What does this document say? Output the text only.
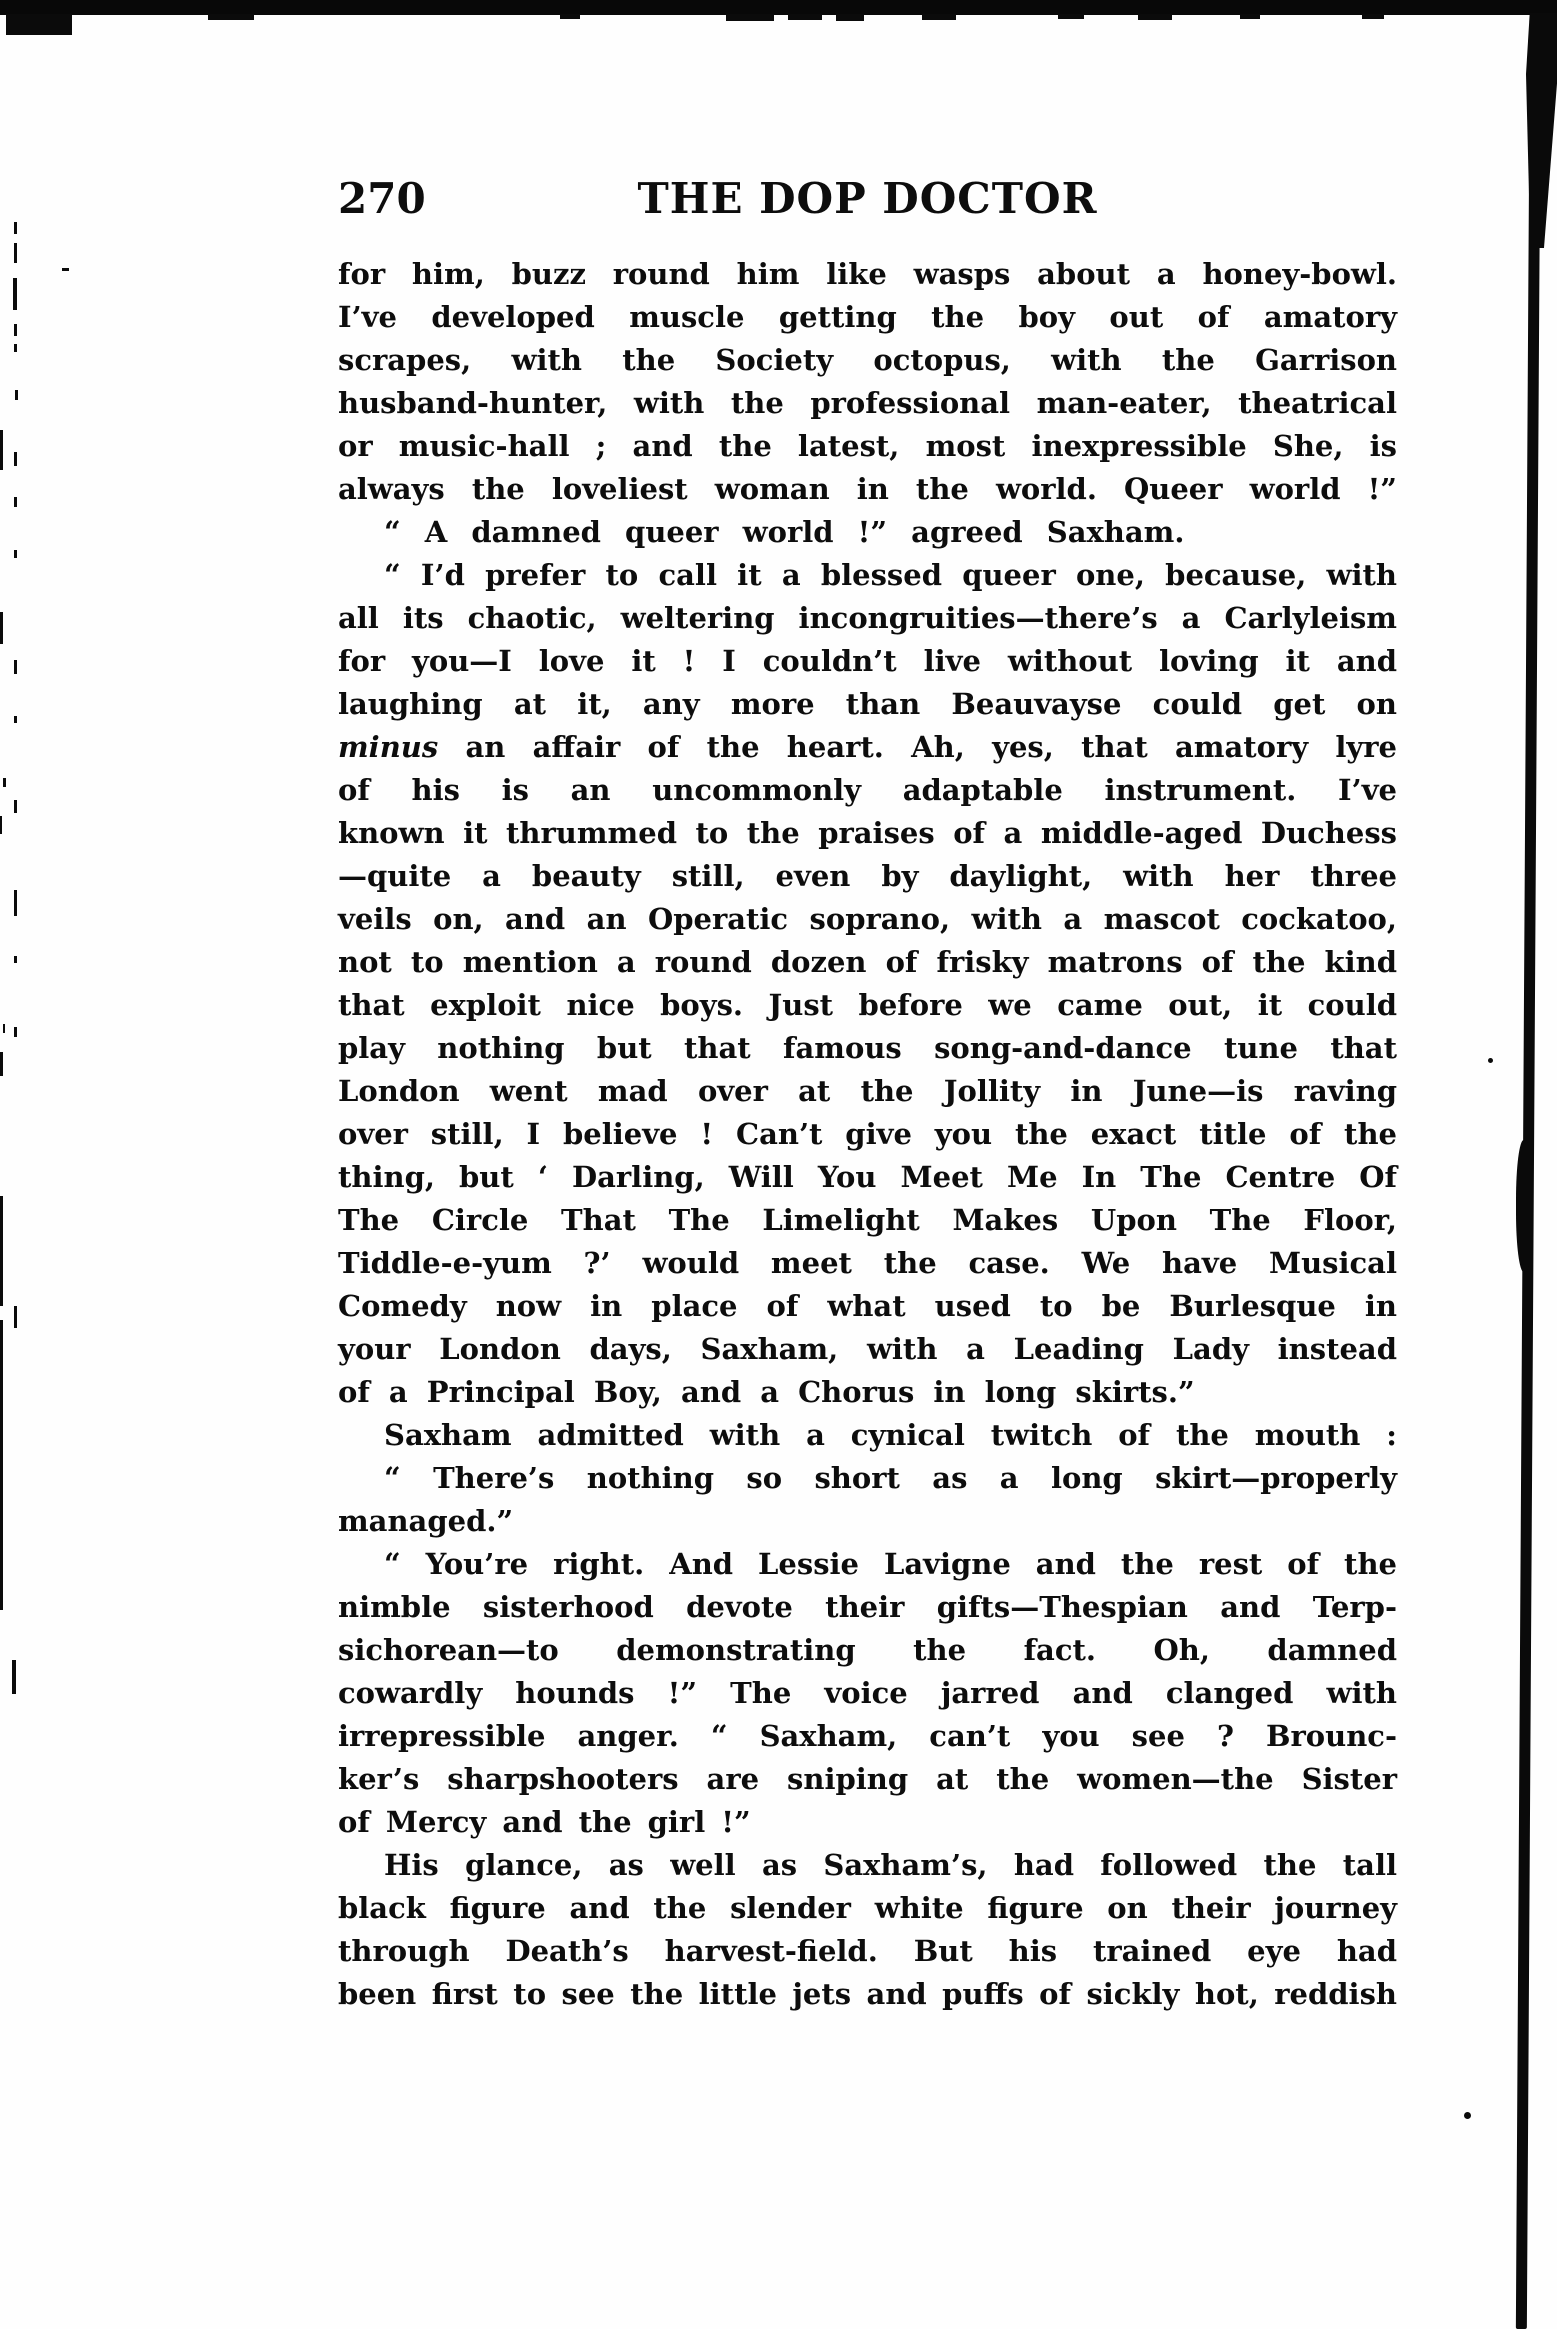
270	THE DOP DOCTOR
for him, buzz round him like wasps about a honey-bowl.
I’ve developed muscle getting the boy out of amatory
scrapes, with the Society octopus, with the Garrison
husband-hunter, with the professional man-eater, theatrical
or music-hall ; and the latest, most inexpressible She, is
always the loveliest woman in the world. Queer world !”
“ A damned queer world !” agreed Saxham.
“ I’d prefer to call it a blessed queer one, because, with
all its chaotic, weltering incongruities—there’s a Carlyleism
for you—I love it ! I couldn’t live without loving it and
laughing at it, any more than Beauvayse could get on
minus an affair of the heart. Ah, yes, that amatory lyre
of his is an uncommonly adaptable instrument. I’ve
known it thrummed to the praises of a middle-aged Duchess
—quite a beauty still, even by daylight, with her three
veils on, and an Operatic soprano, with a mascot cockatoo,
not to mention a round dozen of frisky matrons of the kind
that exploit nice boys. Just before we came out, it could
play nothing but that famous song-and-dance tune that
London went mad over at the Jollity in June—is raving
over still, I believe ! Can’t give you the exact title of the
thing, but ‘ Darling, Will You Meet Me In The Centre Of
The Circle That The Limelight Makes Upon The Floor,
Tiddle-e-yum ?’ would meet the case. We have Musical
Comedy now in place of what used to be Burlesque in
your London days, Saxham, with a Leading Lady instead
of a Principal Boy, and a Chorus in long skirts.”
Saxham admitted with a cynical twitch of the mouth :
“ There’s nothing so short as a long skirt—properly
managed.”
“ You’re right. And Lessie Lavigne and the rest of the
nimble sisterhood devote their gifts—Thespian and Terp-
sichorean—to demonstrating the fact. Oh, damned
cowardly hounds !” The voice jarred and clanged with
irrepressible anger. “ Saxham, can’t you see ? Brounc-
ker’s sharpshooters are sniping at the women—the Sister
of Mercy and the girl !”
His glance, as well as Saxham’s, had followed the tall
black figure and the slender white figure on their journey
through Death’s harvest-field. But his trained eye had
been first to see the little jets and puffs of sickly hot, reddish
